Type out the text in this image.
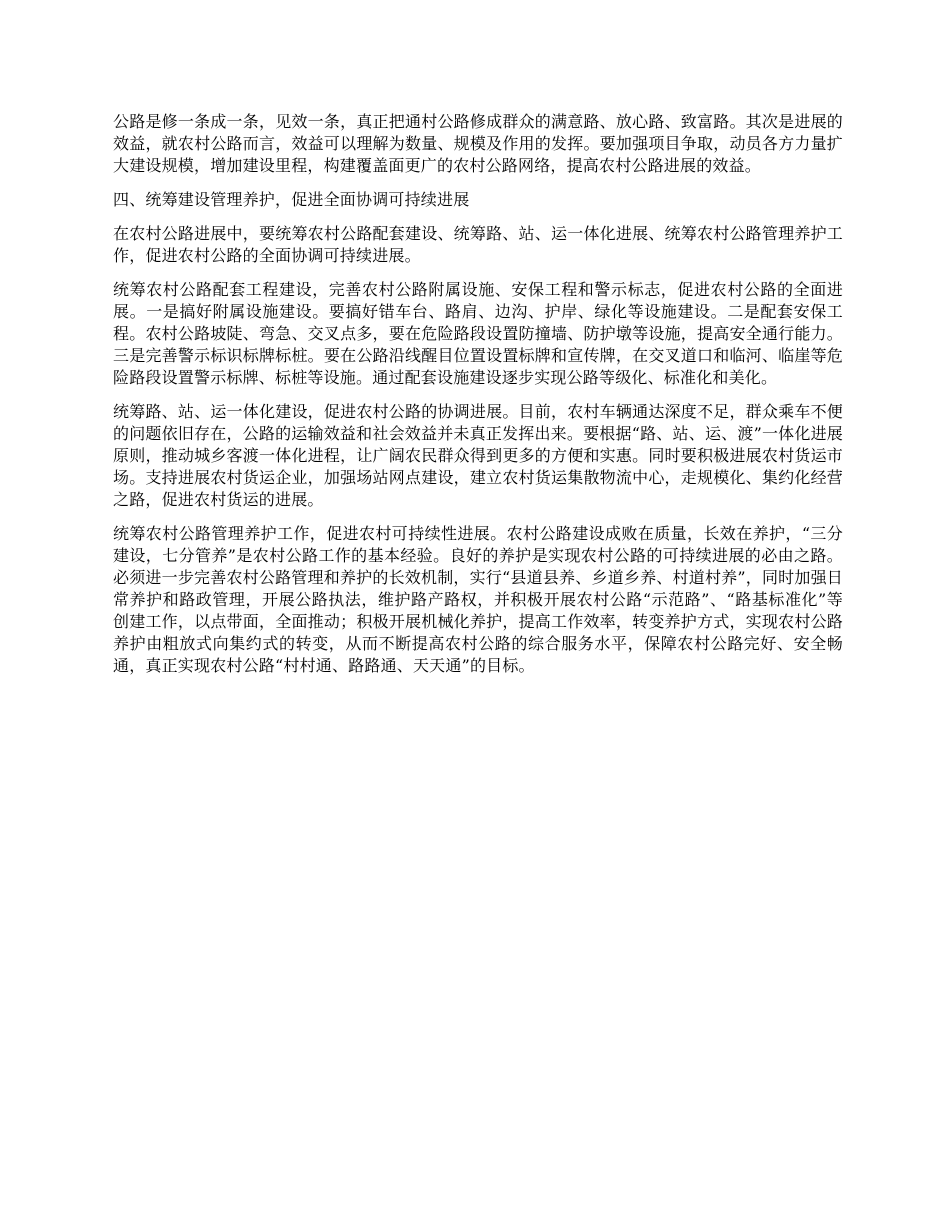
公路是修一条成一条，见效一条，真正把通村公路修成群众的满意路、放心路、致富路。其次是进展的效益，就农村公路而言，效益可以理解为数量、规模及作用的发挥。要加强项目争取，动员各方力量扩大建设规模，增加建设里程，构建覆盖面更广的农村公路网络，提高农村公路进展的效益。

四、统筹建设管理养护，促进全面协调可持续进展

在农村公路进展中，要统筹农村公路配套建设、统筹路、站、运一体化进展、统筹农村公路管理养护工作，促进农村公路的全面协调可持续进展。

统筹农村公路配套工程建设，完善农村公路附属设施、安保工程和警示标志，促进农村公路的全面进展。一是搞好附属设施建设。要搞好错车台、路肩、边沟、护岸、绿化等设施建设。二是配套安保工程。农村公路坡陡、弯急、交叉点多，要在危险路段设置防撞墙、防护墩等设施，提高安全通行能力。三是完善警示标识标牌标桩。要在公路沿线醒目位置设置标牌和宣传牌，在交叉道口和临河、临崖等危险路段设置警示标牌、标桩等设施。通过配套设施建设逐步实现公路等级化、标准化和美化。

统筹路、站、运一体化建设，促进农村公路的协调进展。目前，农村车辆通达深度不足，群众乘车不便的问题依旧存在，公路的运输效益和社会效益并未真正发挥出来。要根据“路、站、运、渡”一体化进展原则，推动城乡客渡一体化进程，让广阔农民群众得到更多的方便和实惠。同时要积极进展农村货运市场。支持进展农村货运企业，加强场站网点建设，建立农村货运集散物流中心，走规模化、集约化经营之路，促进农村货运的进展。

统筹农村公路管理养护工作，促进农村可持续性进展。农村公路建设成败在质量，长效在养护，“三分建设，七分管养”是农村公路工作的基本经验。良好的养护是实现农村公路的可持续进展的必由之路。必须进一步完善农村公路管理和养护的长效机制，实行“县道县养、乡道乡养、村道村养”，同时加强日常养护和路政管理，开展公路执法，维护路产路权，并积极开展农村公路“示范路”、“路基标准化”等创建工作，以点带面，全面推动；积极开展机械化养护，提高工作效率，转变养护方式，实现农村公路养护由粗放式向集约式的转变，从而不断提高农村公路的综合服务水平，保障农村公路完好、安全畅通，真正实现农村公路“村村通、路路通、天天通”的目标。
